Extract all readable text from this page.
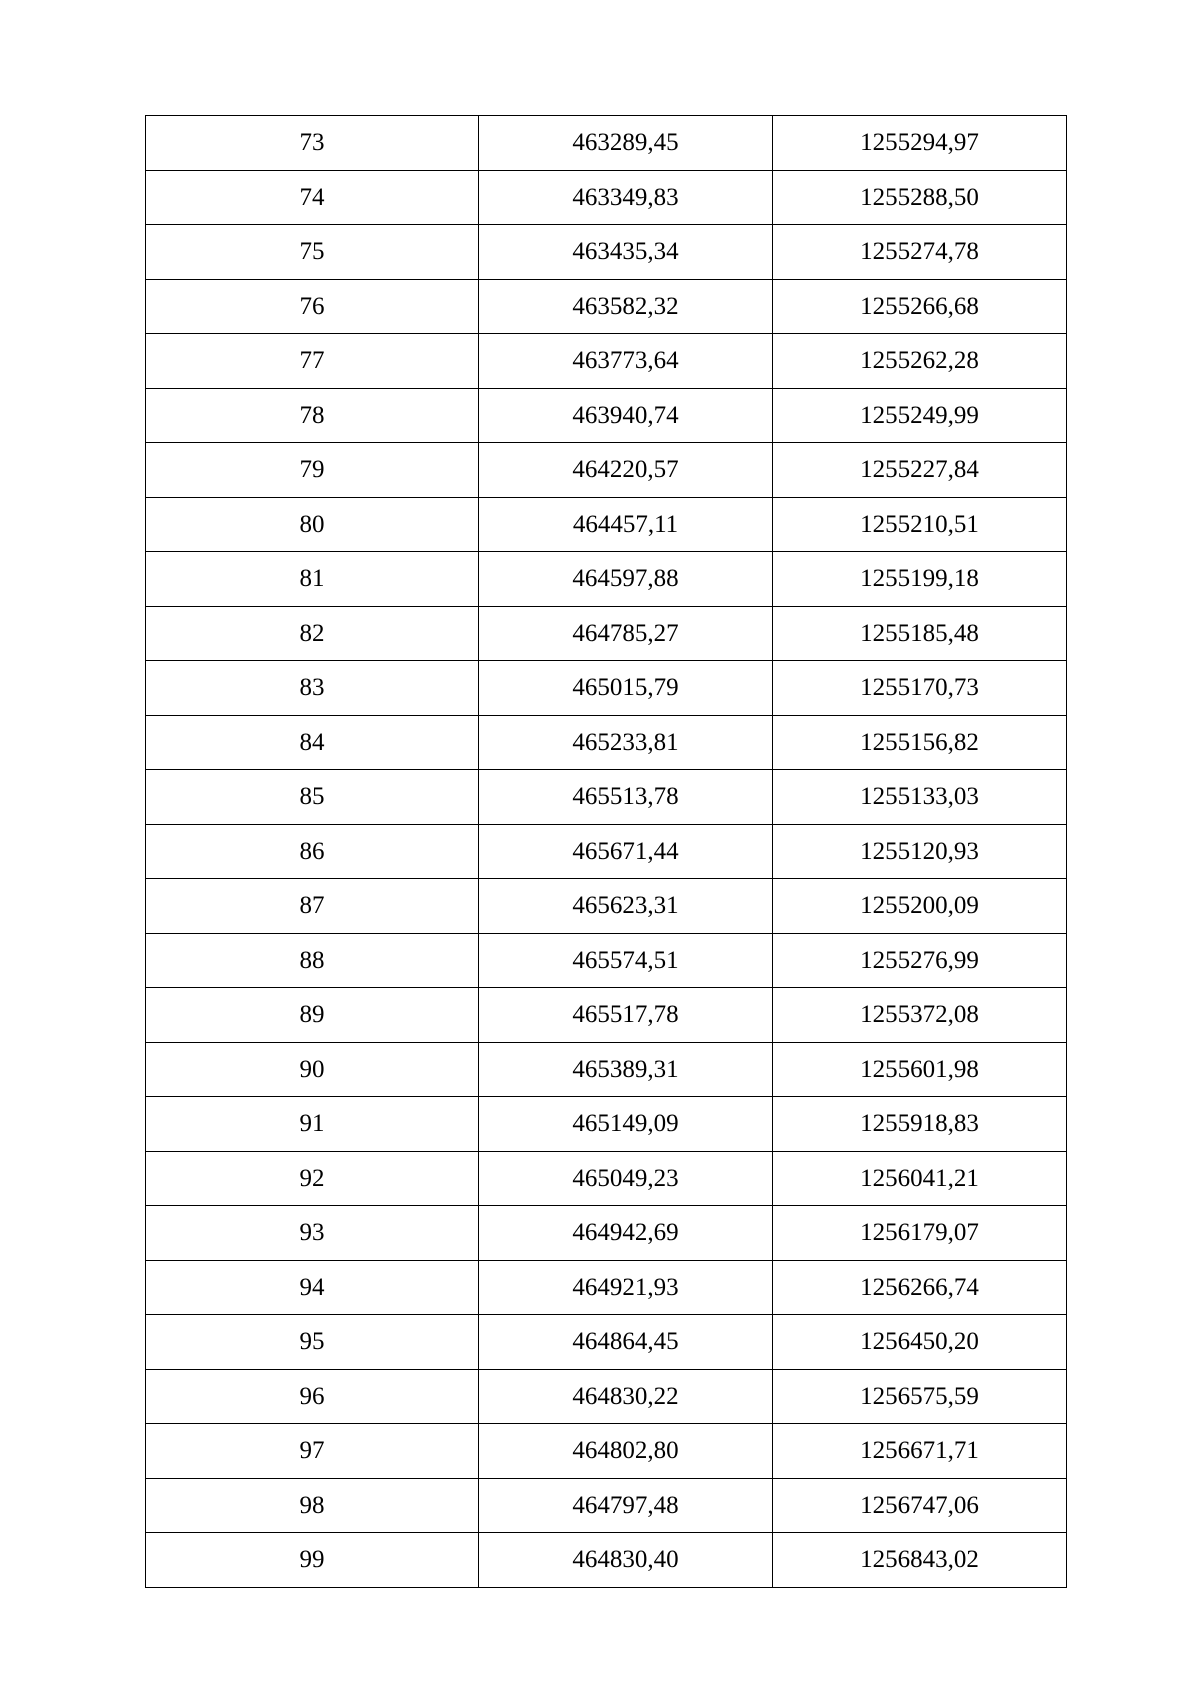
73	463289,45	1255294,97
74	463349,83	1255288,50
75	463435,34	1255274,78
76	463582,32	1255266,68
77	463773,64	1255262,28
78	463940,74	1255249,99
79	464220,57	1255227,84
80	464457,11	1255210,51
81	464597,88	1255199,18
82	464785,27	1255185,48
83	465015,79	1255170,73
84	465233,81	1255156,82
85	465513,78	1255133,03
86	465671,44	1255120,93
87	465623,31	1255200,09
88	465574,51	1255276,99
89	465517,78	1255372,08
90	465389,31	1255601,98
91	465149,09	1255918,83
92	465049,23	1256041,21
93	464942,69	1256179,07
94	464921,93	1256266,74
95	464864,45	1256450,20
96	464830,22	1256575,59
97	464802,80	1256671,71
98	464797,48	1256747,06
99	464830,40	1256843,02
